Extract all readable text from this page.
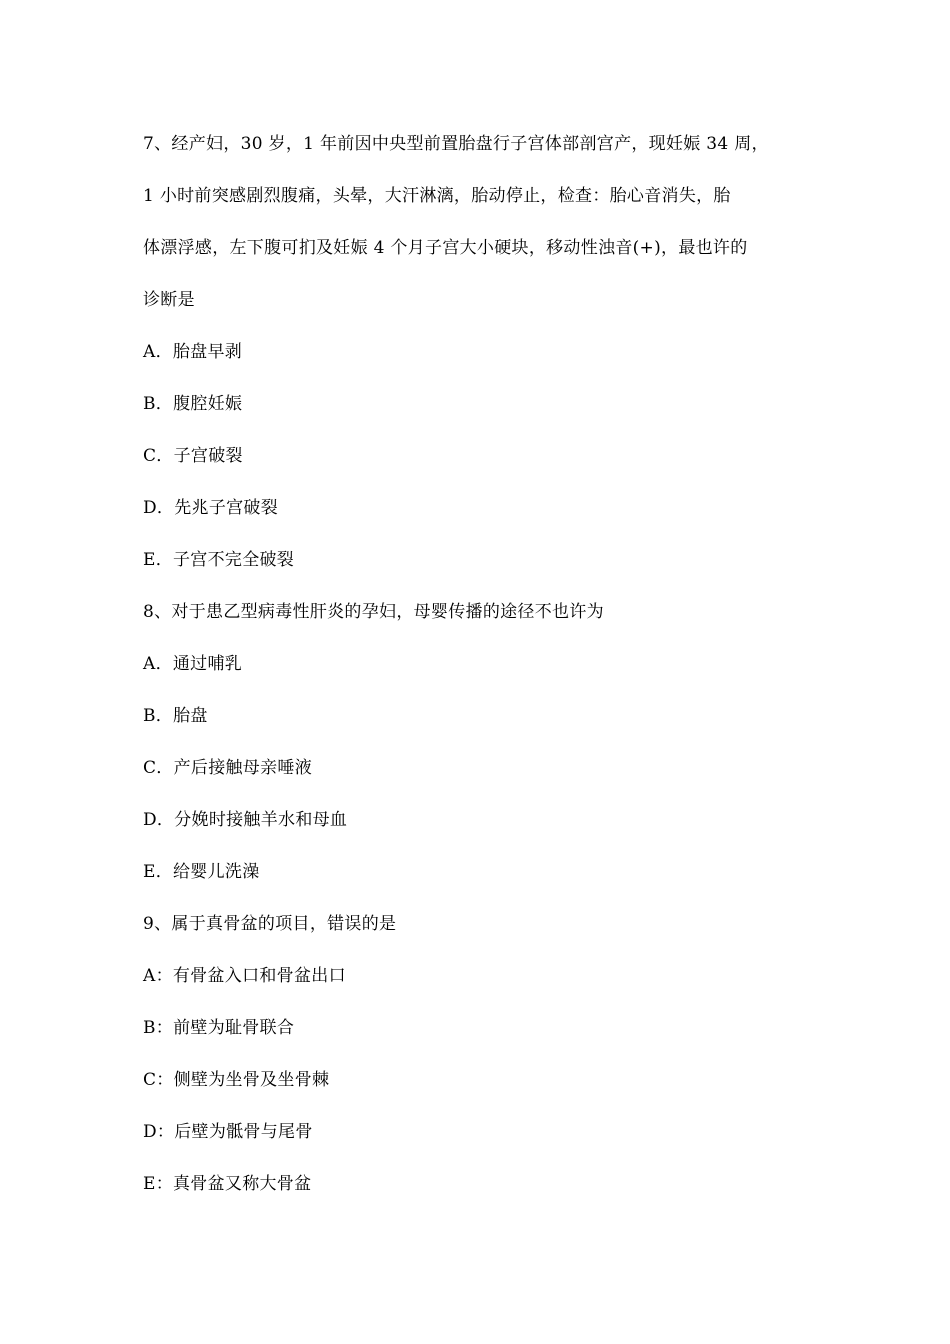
7、经产妇，30 岁，1 年前因中央型前置胎盘行子宫体部剖宫产，现妊娠 34 周，
1 小时前突感剧烈腹痛，头晕，大汗淋漓，胎动停止，检查：胎心音消失，胎
体漂浮感，左下腹可扪及妊娠 4 个月子宫大小硬块，移动性浊音(+)，最也许的
诊断是
A．胎盘早剥
B．腹腔妊娠
C．子宫破裂
D．先兆子宫破裂
E．子宫不完全破裂
8、对于患乙型病毒性肝炎的孕妇，母婴传播的途径不也许为
A．通过哺乳
B．胎盘
C．产后接触母亲唾液
D．分娩时接触羊水和母血
E．给婴儿洗澡
9、属于真骨盆的项目，错误的是
A：有骨盆入口和骨盆出口
B：前壁为耻骨联合
C：侧壁为坐骨及坐骨棘
D：后壁为骶骨与尾骨
E：真骨盆又称大骨盆
